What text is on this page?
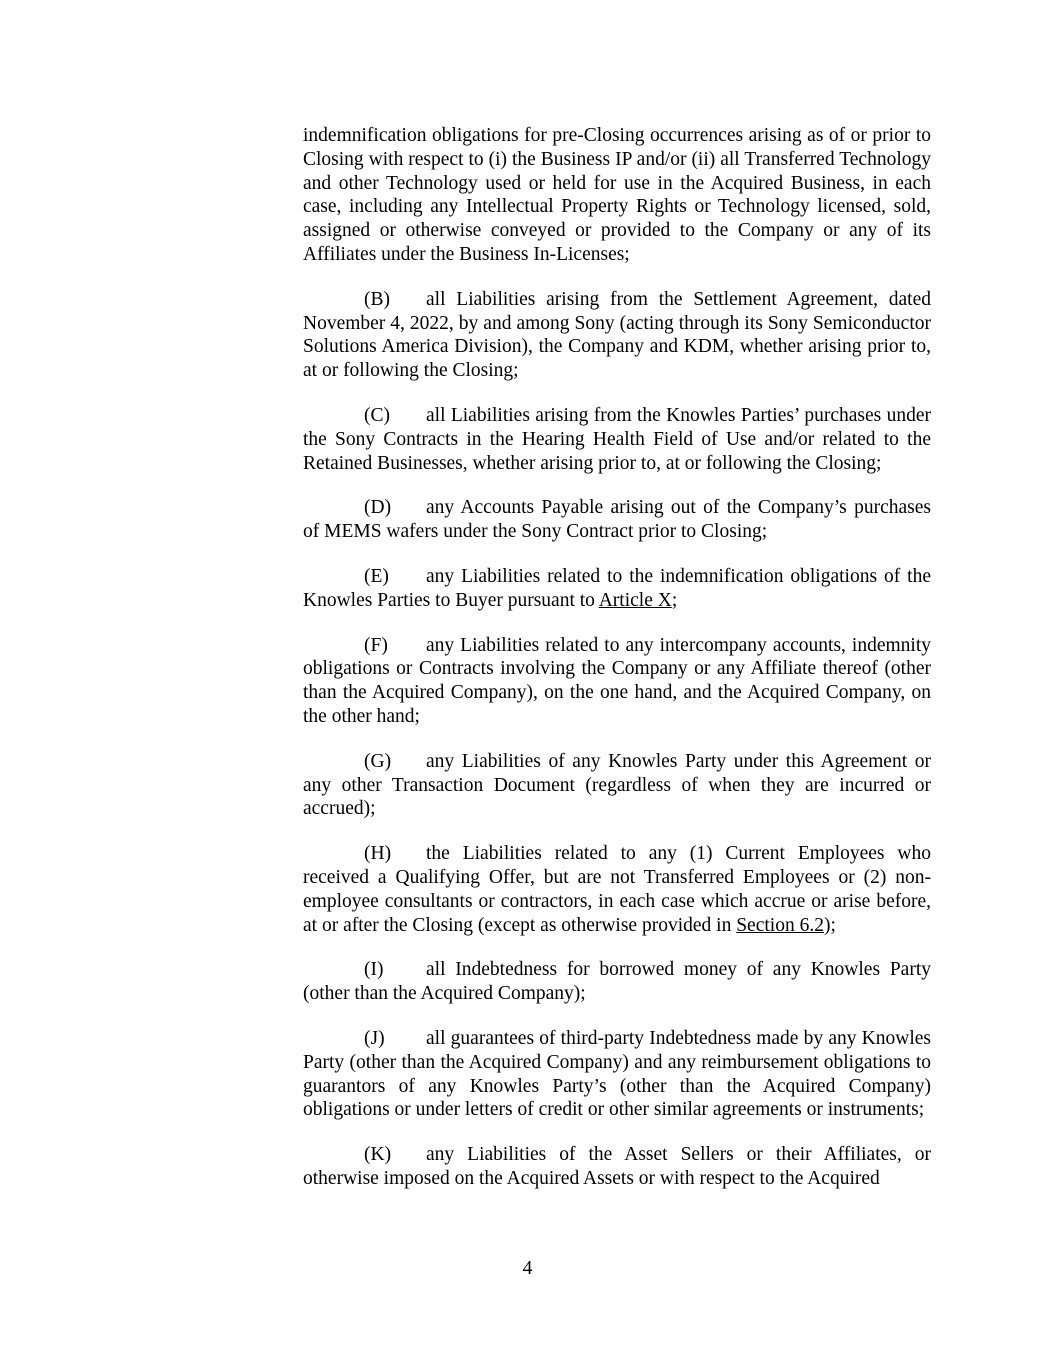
indemnification obligations for pre-Closing occurrences arising as of or prior to Closing with respect to (i) the Business IP and/or (ii) all Transferred Technology and other Technology used or held for use in the Acquired Business, in each case, including any Intellectual Property Rights or Technology licensed, sold, assigned or otherwise conveyed or provided to the Company or any of its Affiliates under the Business In-Licenses;

(B) all Liabilities arising from the Settlement Agreement, dated November 4, 2022, by and among Sony (acting through its Sony Semiconductor Solutions America Division), the Company and KDM, whether arising prior to, at or following the Closing;

(C) all Liabilities arising from the Knowles Parties’ purchases under the Sony Contracts in the Hearing Health Field of Use and/or related to the Retained Businesses, whether arising prior to, at or following the Closing;

(D) any Accounts Payable arising out of the Company’s purchases of MEMS wafers under the Sony Contract prior to Closing;

(E) any Liabilities related to the indemnification obligations of the Knowles Parties to Buyer pursuant to Article X;

(F) any Liabilities related to any intercompany accounts, indemnity obligations or Contracts involving the Company or any Affiliate thereof (other than the Acquired Company), on the one hand, and the Acquired Company, on the other hand;

(G) any Liabilities of any Knowles Party under this Agreement or any other Transaction Document (regardless of when they are incurred or accrued);

(H) the Liabilities related to any (1) Current Employees who received a Qualifying Offer, but are not Transferred Employees or (2) non-employee consultants or contractors, in each case which accrue or arise before, at or after the Closing (except as otherwise provided in Section 6.2);

(I) all Indebtedness for borrowed money of any Knowles Party (other than the Acquired Company);

(J) all guarantees of third-party Indebtedness made by any Knowles Party (other than the Acquired Company) and any reimbursement obligations to guarantors of any Knowles Party’s (other than the Acquired Company) obligations or under letters of credit or other similar agreements or instruments;

(K) any Liabilities of the Asset Sellers or their Affiliates, or otherwise imposed on the Acquired Assets or with respect to the Acquired

4
